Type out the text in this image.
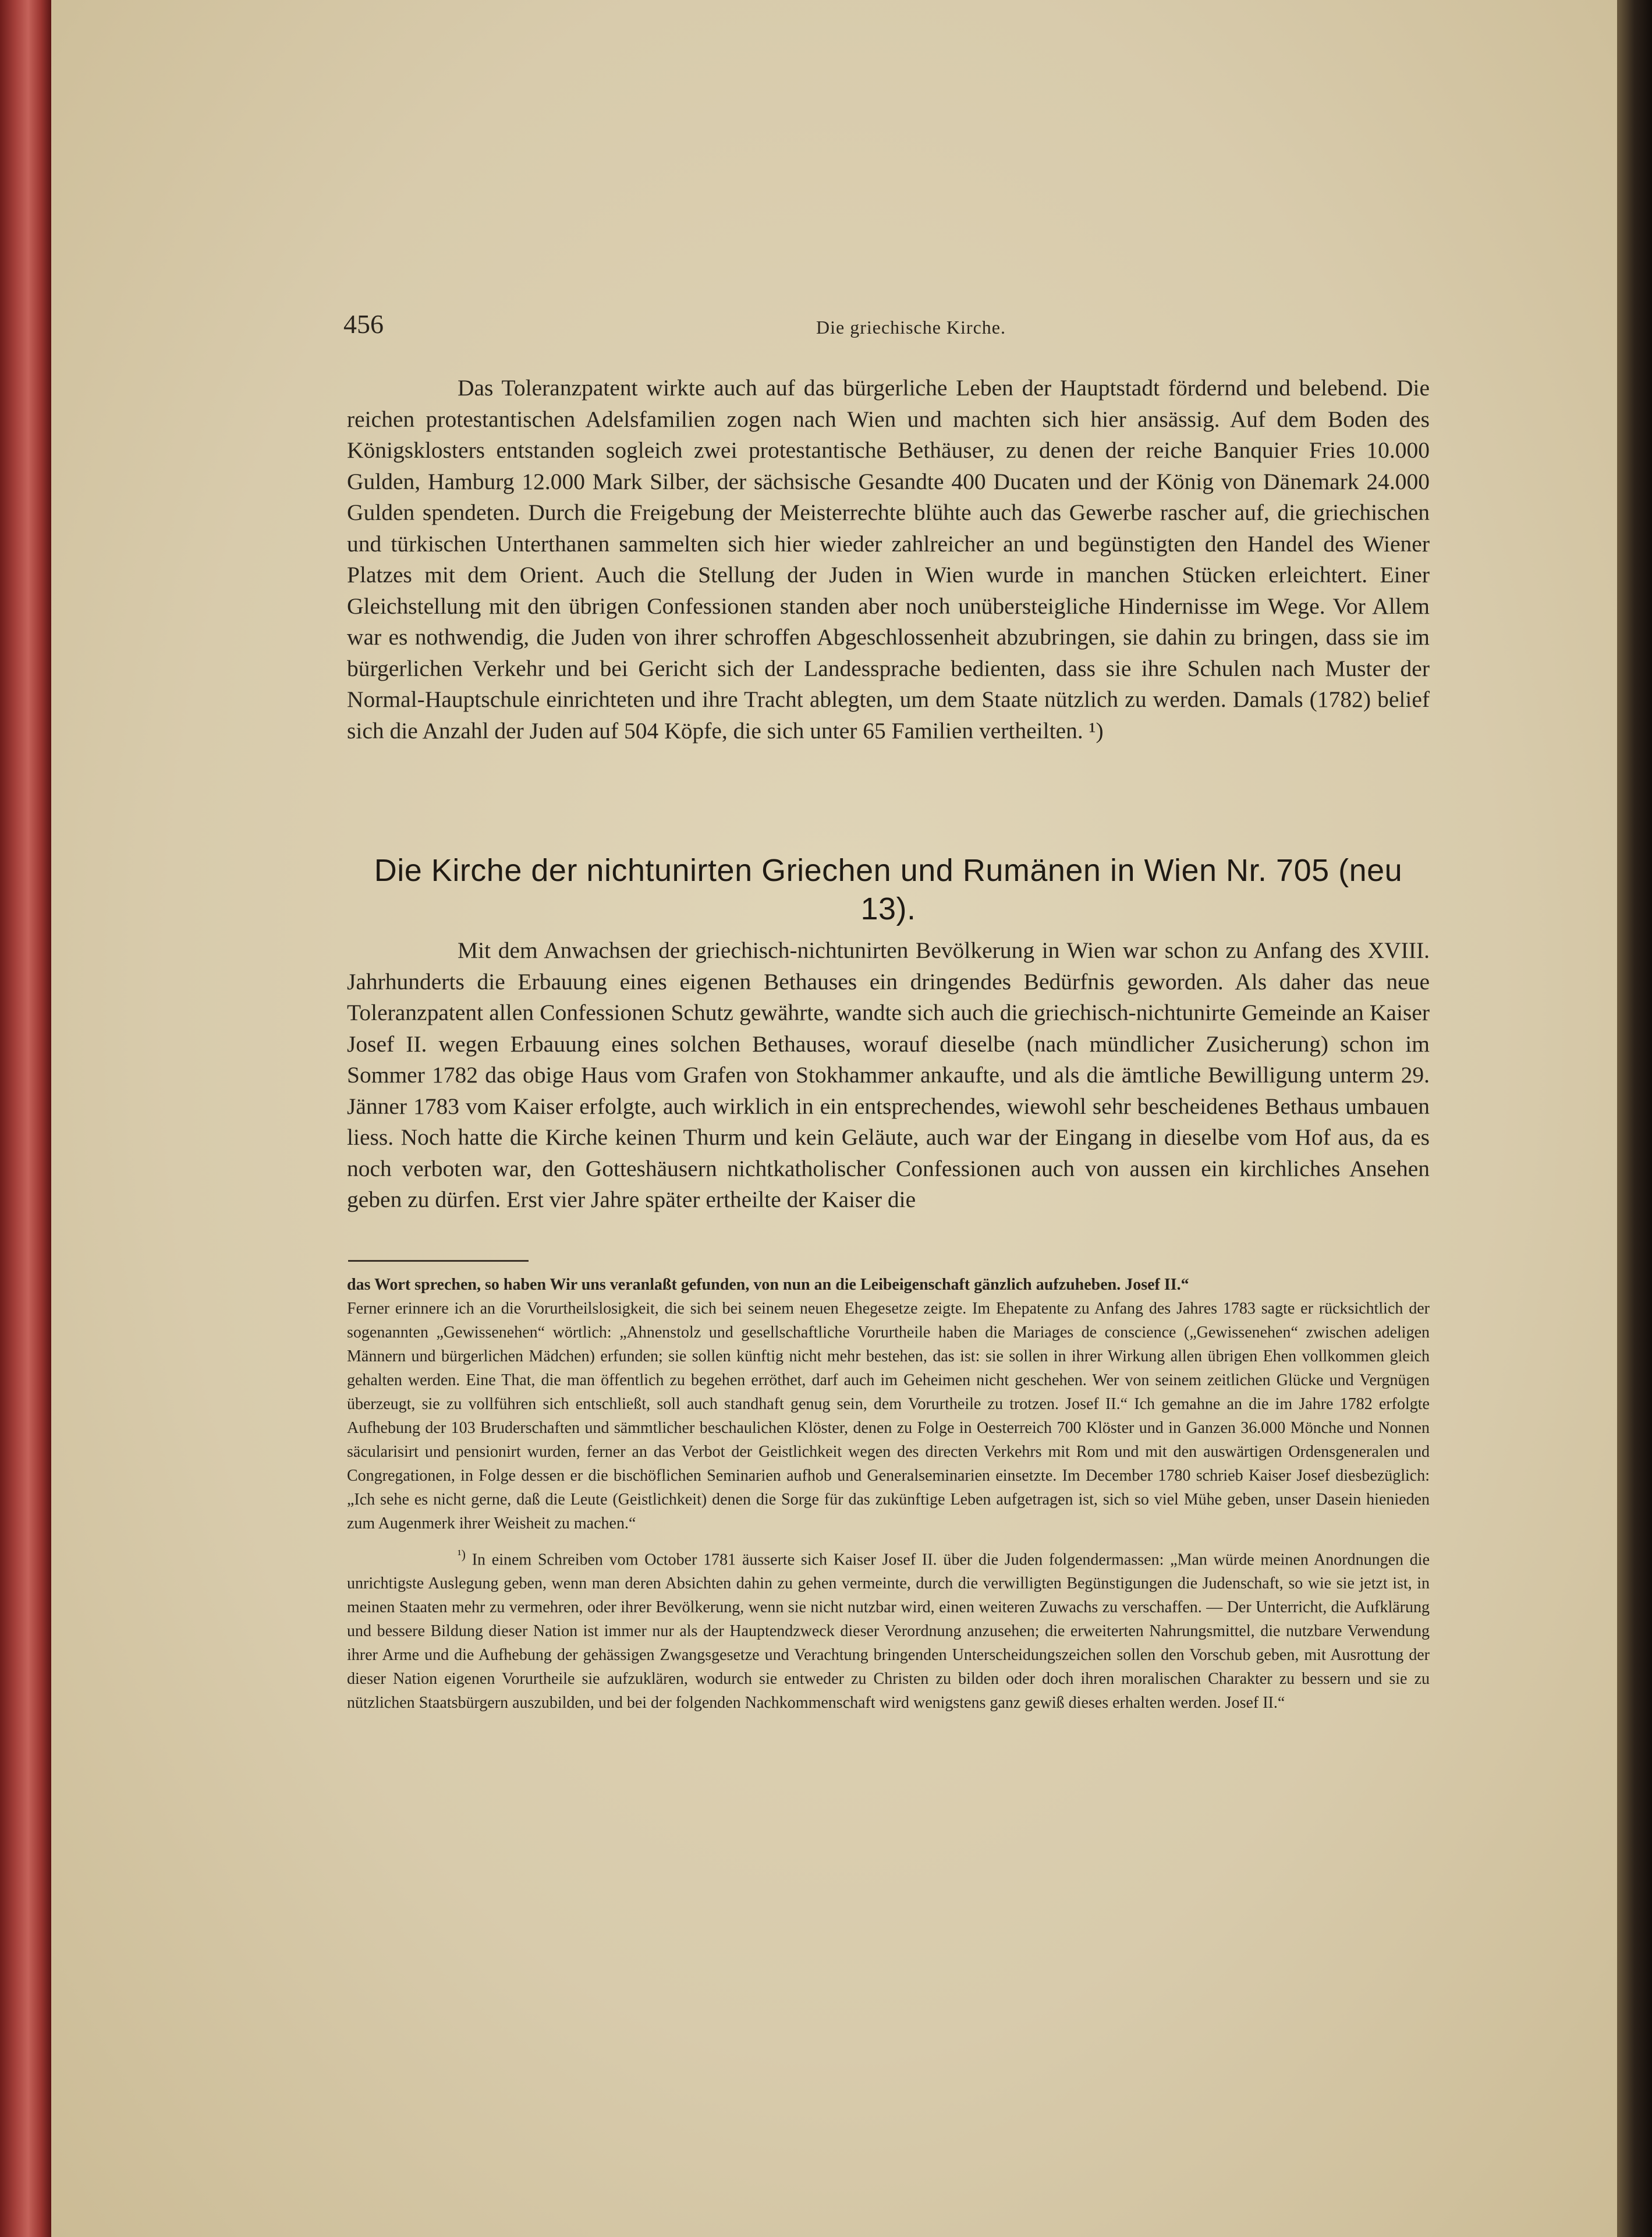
456	Die griechische Kirche.

Das Toleranzpatent wirkte auch auf das bürgerliche Leben der Hauptstadt fördernd und belebend. Die reichen protestantischen Adelsfamilien zogen nach Wien und machten sich hier ansässig. Auf dem Boden des Königsklosters entstanden sogleich zwei protestantische Bethäuser, zu denen der reiche Banquier Fries 10.000 Gulden, Hamburg 12.000 Mark Silber, der sächsische Gesandte 400 Ducaten und der König von Dänemark 24.000 Gulden spendeten. Durch die Freigebung der Meisterrechte blühte auch das Gewerbe rascher auf, die griechischen und türkischen Unterthanen sammelten sich hier wieder zahlreicher an und begünstigten den Handel des Wiener Platzes mit dem Orient. Auch die Stellung der Juden in Wien wurde in manchen Stücken erleichtert. Einer Gleichstellung mit den übrigen Confessionen standen aber noch unübersteigliche Hindernisse im Wege. Vor Allem war es nothwendig, die Juden von ihrer schroffen Abgeschlossenheit abzubringen, sie dahin zu bringen, dass sie im bürgerlichen Verkehr und bei Gericht sich der Landessprache bedienten, dass sie ihre Schulen nach Muster der Normal-Hauptschule einrichteten und ihre Tracht ablegten, um dem Staate nützlich zu werden. Damals (1782) belief sich die Anzahl der Juden auf 504 Köpfe, die sich unter 65 Familien vertheilten. ¹)

Die Kirche der nichtunirten Griechen und Rumänen in Wien Nr. 705 (neu 13).

Mit dem Anwachsen der griechisch-nichtunirten Bevölkerung in Wien war schon zu Anfang des XVIII. Jahrhunderts die Erbauung eines eigenen Bethauses ein dringendes Bedürfnis geworden. Als daher das neue Toleranzpatent allen Confessionen Schutz gewährte, wandte sich auch die griechisch-nichtunirte Gemeinde an Kaiser Josef II. wegen Erbauung eines solchen Bethauses, worauf dieselbe (nach mündlicher Zusicherung) schon im Sommer 1782 das obige Haus vom Grafen von Stokhammer ankaufte, und als die ämtliche Bewilligung unterm 29. Jänner 1783 vom Kaiser erfolgte, auch wirklich in ein entsprechendes, wiewohl sehr bescheidenes Bethaus umbauen liess. Noch hatte die Kirche keinen Thurm und kein Geläute, auch war der Eingang in dieselbe vom Hof aus, da es noch verboten war, den Gotteshäusern nichtkatholischer Confessionen auch von aussen ein kirchliches Ansehen geben zu dürfen. Erst vier Jahre später ertheilte der Kaiser die

das Wort sprechen, so haben Wir uns veranlaßt gefunden, von nun an die Leibeigenschaft gänzlich aufzuheben. Josef II.“

Ferner erinnere ich an die Vorurtheilslosigkeit, die sich bei seinem neuen Ehegesetze zeigte. Im Ehepatente zu Anfang des Jahres 1783 sagte er rücksichtlich der sogenannten „Gewissenehen“ wörtlich: „Ahnenstolz und gesellschaftliche Vorurtheile haben die Mariages de conscience („Gewissenehen“ zwischen adeligen Männern und bürgerlichen Mädchen) erfunden; sie sollen künftig nicht mehr bestehen, das ist: sie sollen in ihrer Wirkung allen übrigen Ehen vollkommen gleich gehalten werden. Eine That, die man öffentlich zu begehen erröthet, darf auch im Geheimen nicht geschehen. Wer von seinem zeitlichen Glücke und Vergnügen überzeugt, sie zu vollführen sich entschließt, soll auch standhaft genug sein, dem Vorurtheile zu trotzen. Josef II.“ Ich gemahne an die im Jahre 1782 erfolgte Aufhebung der 103 Bruderschaften und sämmtlicher beschaulichen Klöster, denen zu Folge in Oesterreich 700 Klöster und in Ganzen 36.000 Mönche und Nonnen säcularisirt und pensionirt wurden, ferner an das Verbot der Geistlichkeit wegen des directen Verkehrs mit Rom und mit den auswärtigen Ordensgeneralen und Congregationen, in Folge dessen er die bischöflichen Seminarien aufhob und Generalseminarien einsetzte. Im December 1780 schrieb Kaiser Josef diesbezüglich: „Ich sehe es nicht gerne, daß die Leute (Geistlichkeit) denen die Sorge für das zukünftige Leben aufgetragen ist, sich so viel Mühe geben, unser Dasein hienieden zum Augenmerk ihrer Weisheit zu machen.“

$^{^1)}$ In einem Schreiben vom October 1781 äusserte sich Kaiser Josef II. über die Juden folgendermassen: „Man würde meinen Anordnungen die unrichtigste Auslegung geben, wenn man deren Absichten dahin zu gehen vermeinte, durch die verwilligten Begünstigungen die Judenschaft, so wie sie jetzt ist, in meinen Staaten mehr zu vermehren, oder ihrer Bevölkerung, wenn sie nicht nutzbar wird, einen weiteren Zuwachs zu verschaffen. — Der Unterricht, die Aufklärung und bessere Bildung dieser Nation ist immer nur als der Hauptendzweck dieser Verordnung anzusehen; die erweiterten Nahrungsmittel, die nutzbare Verwendung ihrer Arme und die Aufhebung der gehässigen Zwangsgesetze und Verachtung bringenden Unterscheidungszeichen sollen den Vorschub geben, mit Ausrottung der dieser Nation eigenen Vorurtheile sie aufzuklären, wodurch sie entweder zu Christen zu bilden oder doch ihren moralischen Charakter zu bessern und sie zu nützlichen Staatsbürgern auszubilden, und bei der folgenden Nachkommenschaft wird wenigstens ganz gewiß dieses erhalten werden. Josef II.“
